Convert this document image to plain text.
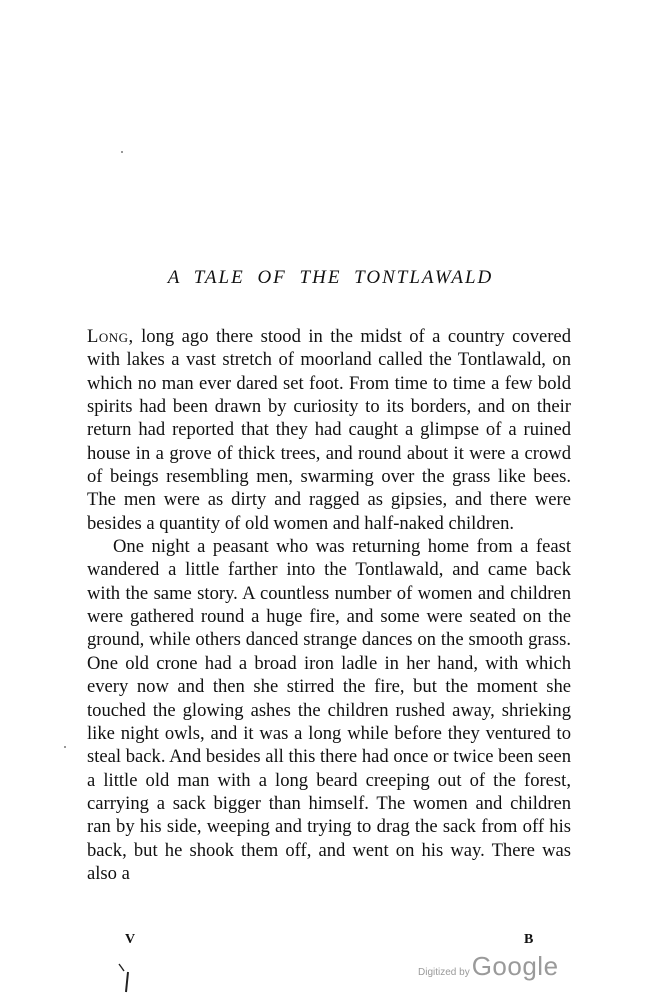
A TALE OF THE TONTLAWALD

Long, long ago there stood in the midst of a country covered with lakes a vast stretch of moorland called the Tontlawald, on which no man ever dared set foot. From time to time a few bold spirits had been drawn by curiosity to its borders, and on their return had reported that they had caught a glimpse of a ruined house in a grove of thick trees, and round about it were a crowd of beings resembling men, swarming over the grass like bees. The men were as dirty and ragged as gipsies, and there were besides a quantity of old women and half-naked children.

One night a peasant who was returning home from a feast wandered a little farther into the Tontlawald, and came back with the same story. A countless number of women and children were gathered round a huge fire, and some were seated on the ground, while others danced strange dances on the smooth grass. One old crone had a broad iron ladle in her hand, with which every now and then she stirred the fire, but the moment she touched the glowing ashes the children rushed away, shrieking like night owls, and it was a long while before they ventured to steal back. And besides all this there had once or twice been seen a little old man with a long beard creeping out of the forest, carrying a sack bigger than himself. The women and children ran by his side, weeping and trying to drag the sack from off his back, but he shook them off, and went on his way. There was also a

V	B
Digitized byGoogle
